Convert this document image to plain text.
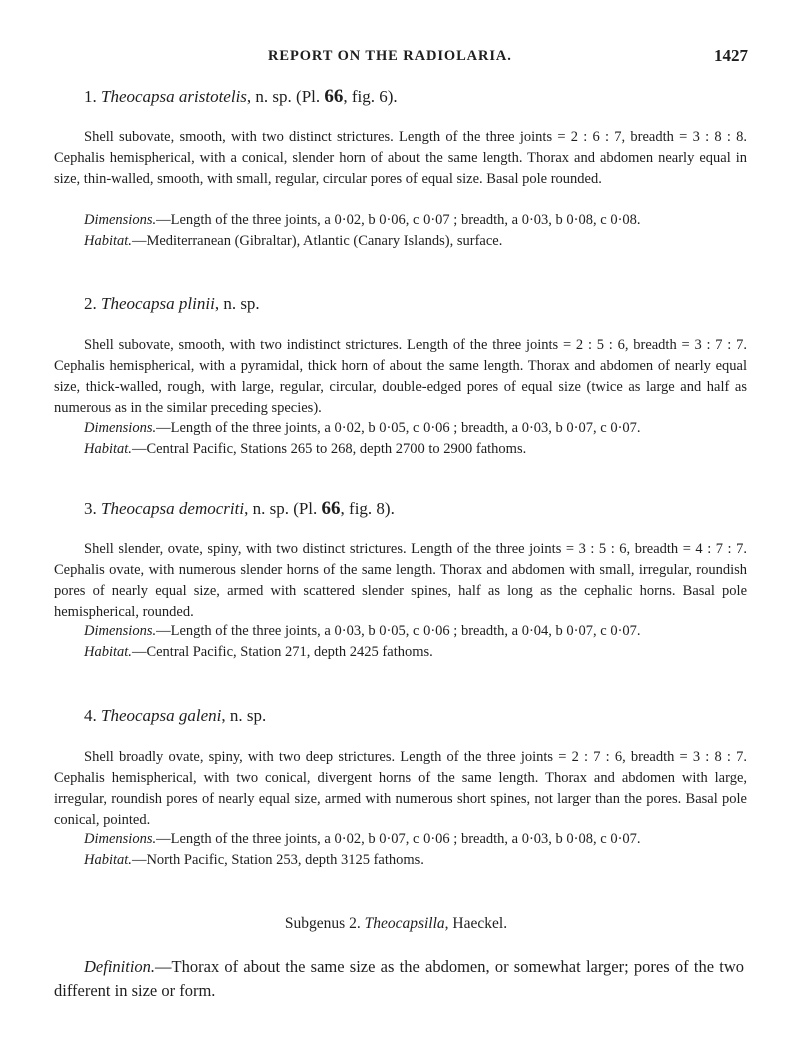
REPORT ON THE RADIOLARIA.	1427
1. Theocapsa aristotelis, n. sp. (Pl. 66, fig. 6).
Shell subovate, smooth, with two distinct strictures. Length of the three joints = 2 : 6 : 7, breadth = 3 : 8 : 8. Cephalis hemispherical, with a conical, slender horn of about the same length. Thorax and abdomen nearly equal in size, thin-walled, smooth, with small, regular, circular pores of equal size. Basal pole rounded.
Dimensions.—Length of the three joints, a 0·02, b 0·06, c 0·07 ; breadth, a 0·03, b 0·08, c 0·08.
Habitat.—Mediterranean (Gibraltar), Atlantic (Canary Islands), surface.
2. Theocapsa plinii, n. sp.
Shell subovate, smooth, with two indistinct strictures. Length of the three joints = 2 : 5 : 6, breadth = 3 : 7 : 7. Cephalis hemispherical, with a pyramidal, thick horn of about the same length. Thorax and abdomen of nearly equal size, thick-walled, rough, with large, regular, circular, double-edged pores of equal size (twice as large and half as numerous as in the similar preceding species).
Dimensions.—Length of the three joints, a 0·02, b 0·05, c 0·06 ; breadth, a 0·03, b 0·07, c 0·07.
Habitat.—Central Pacific, Stations 265 to 268, depth 2700 to 2900 fathoms.
3. Theocapsa democriti, n. sp. (Pl. 66, fig. 8).
Shell slender, ovate, spiny, with two distinct strictures. Length of the three joints = 3 : 5 : 6, breadth = 4 : 7 : 7. Cephalis ovate, with numerous slender horns of the same length. Thorax and abdomen with small, irregular, roundish pores of nearly equal size, armed with scattered slender spines, half as long as the cephalic horns. Basal pole hemispherical, rounded.
Dimensions.—Length of the three joints, a 0·03, b 0·05, c 0·06 ; breadth, a 0·04, b 0·07, c 0·07.
Habitat.—Central Pacific, Station 271, depth 2425 fathoms.
4. Theocapsa galeni, n. sp.
Shell broadly ovate, spiny, with two deep strictures. Length of the three joints = 2 : 7 : 6, breadth = 3 : 8 : 7. Cephalis hemispherical, with two conical, divergent horns of the same length. Thorax and abdomen with large, irregular, roundish pores of nearly equal size, armed with numerous short spines, not larger than the pores. Basal pole conical, pointed.
Dimensions.—Length of the three joints, a 0·02, b 0·07, c 0·06 ; breadth, a 0·03, b 0·08, c 0·07.
Habitat.—North Pacific, Station 253, depth 3125 fathoms.
Subgenus 2. Theocapsilla, Haeckel.
Definition.—Thorax of about the same size as the abdomen, or somewhat larger; pores of the two different in size or form.
